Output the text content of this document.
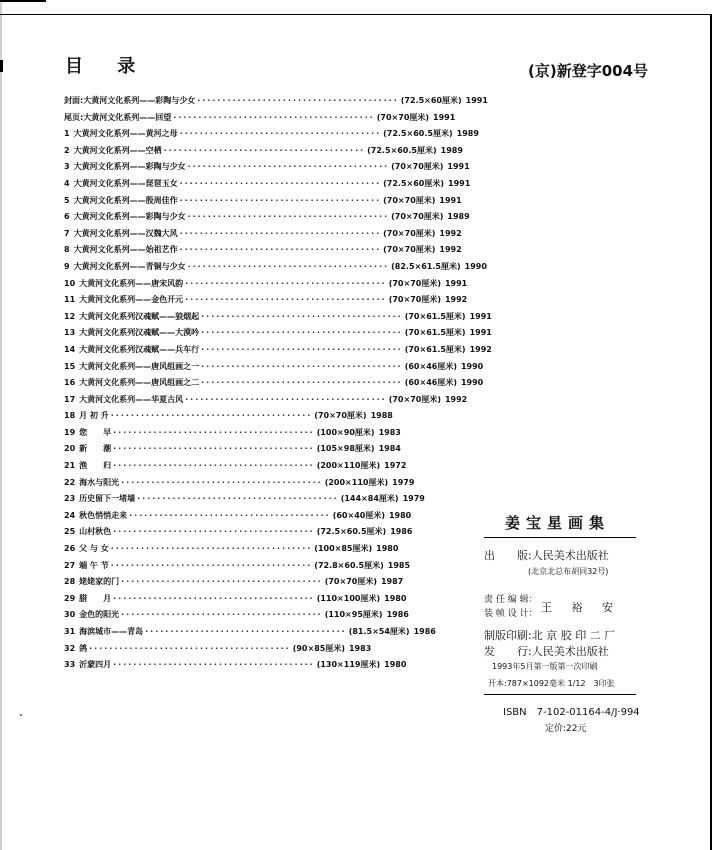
目 录	(京)新登字004号
封面: 大黄河文化系列——彩陶与少女 ········································ (72.5×60厘米) 1991
尾页: 大黄河文化系列——回望 ········································ (70×70厘米) 1991
1 大黄河文化系列——黄河之母 ········································ (72.5×60.5厘米) 1989
2 大黄河文化系列——空栖 ········································ (72.5×60.5厘米) 1989
3 大黄河文化系列——彩陶与少女 ········································ (70×70厘米) 1991
4 大黄河文化系列——琵琶玉女 ········································ (72.5×60厘米) 1991
5 大黄河文化系列——殷周佳作 ········································ (70×70厘米) 1991
6 大黄河文化系列——彩陶与少女 ········································ (70×70厘米) 1989
7 大黄河文化系列——汉魏大风 ········································ (70×70厘米) 1992
8 大黄河文化系列——始祖艺作 ········································ (70×70厘米) 1992
9 大黄河文化系列——青铜与少女 ········································ (82.5×61.5厘米) 1990
10 大黄河文化系列——唐宋风韵 ········································ (70×70厘米) 1991
11 大黄河文化系列——金色开元 ········································ (70×70厘米) 1992
12 大黄河文化系列汉魂赋——狼烟起 ········································ (70×61.5厘米) 1991
13 大黄河文化系列汉魂赋——大漠吟 ········································ (70×61.5厘米) 1991
14 大黄河文化系列汉魂赋——兵车行 ········································ (70×61.5厘米) 1992
15 大黄河文化系列——唐风组画之一 ········································ (60×46厘米) 1990
16 大黄河文化系列——唐风组画之二 ········································ (60×46厘米) 1990
17 大黄河文化系列——华夏古风 ········································ (70×70厘米) 1992
18 月 初 升 ········································ (70×70厘米) 1988
19 您　　早 ········································ (100×90厘米) 1983
20 新　　潮 ········································ (105×98厘米) 1984
21 渔　　归 ········································ (200×110厘米) 1972
22 海水与阳光 ········································ (200×110厘米) 1979
23 历史留下一堵墙 ········································ (144×84厘米) 1979
24 秋色悄悄走来 ········································ (60×40厘米) 1980
25 山村秋色 ········································ (72.5×60.5厘米) 1986
26 父 与 女 ········································ (100×85厘米) 1980
27 端 午 节 ········································ (72.8×60.5厘米) 1985
28 姥姥家的门 ········································ (70×70厘米) 1987
29 腊　　月 ········································ (110×100厘米) 1980
30 金色的阳光 ········································ (110×95厘米) 1986
31 海滨城市——青岛 ········································ (81.5×54厘米) 1986
32 鸽 ········································ (90×85厘米) 1983
33 沂蒙四月 ········································ (130×119厘米) 1980
姜宝星画集
出　　版:人民美术出版社
(北京北总布胡同32号)
责 任 编 辑：
装 帧 设 计： 王 裕 安
制版印刷:北 京 胶 印 二 厂
发　　行:人民美术出版社
1993年5月第一版第一次印刷
开本:787×1092毫米 1/12　3印张
ISBN　7-102-01164-4/J·994
定价:22元
